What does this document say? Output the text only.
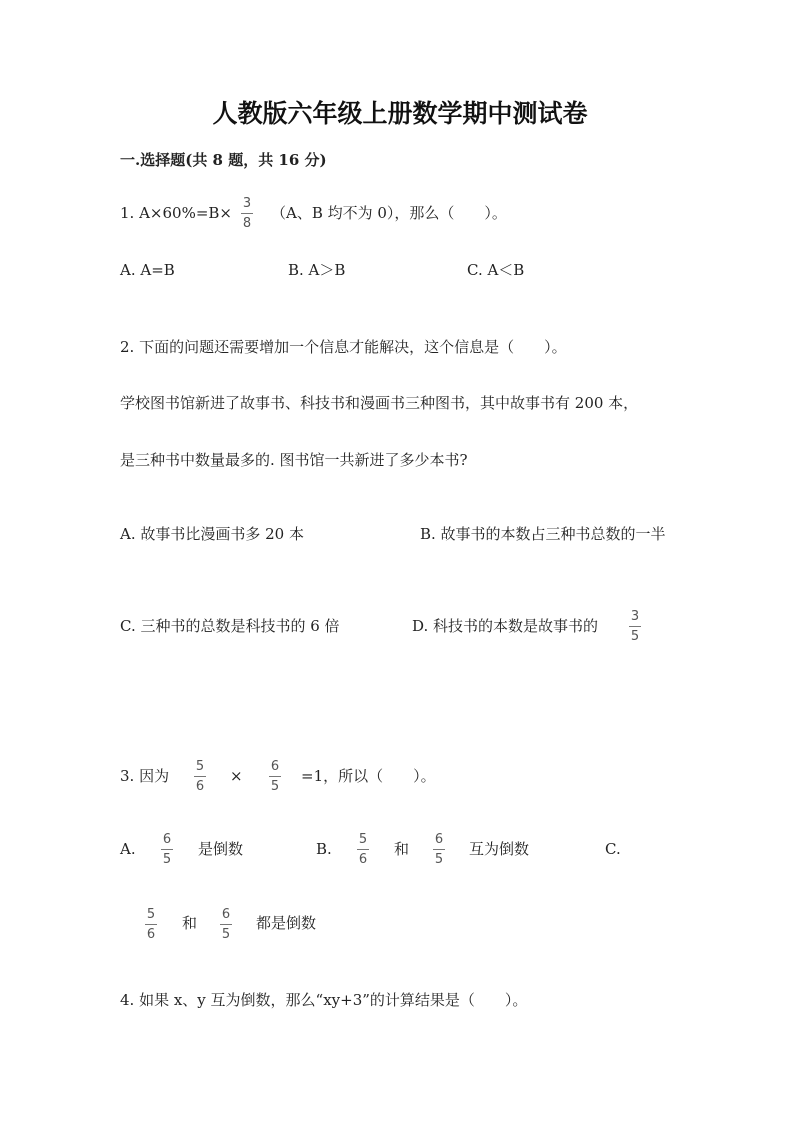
人教版六年级上册数学期中测试卷
一.选择题(共 8 题，共 16 分)
1. A×60%=B×
3
8
（A、B 均不为 0），那么（　　）。
A. A=B	B. A＞B	C. A＜B
2. 下面的问题还需要增加一个信息才能解决，这个信息是（　　）。
学校图书馆新进了故事书、科技书和漫画书三种图书，其中故事书有 200 本，
是三种书中数量最多的. 图书馆一共新进了多少本书?
A. 故事书比漫画书多 20 本	B. 故事书的本数占三种书总数的一半
C. 三种书的总数是科技书的 6 倍	D. 科技书的本数是故事书的
3
5
3. 因为
5
6
×
6
5
=1，所以（　　）。
A.
6
5
是倒数	B.
5
6
和
6
5
互为倒数	C.
5
6
和 6
5
都是倒数
4. 如果 x、y 互为倒数，那么“xy+3”的计算结果是（　　）。
